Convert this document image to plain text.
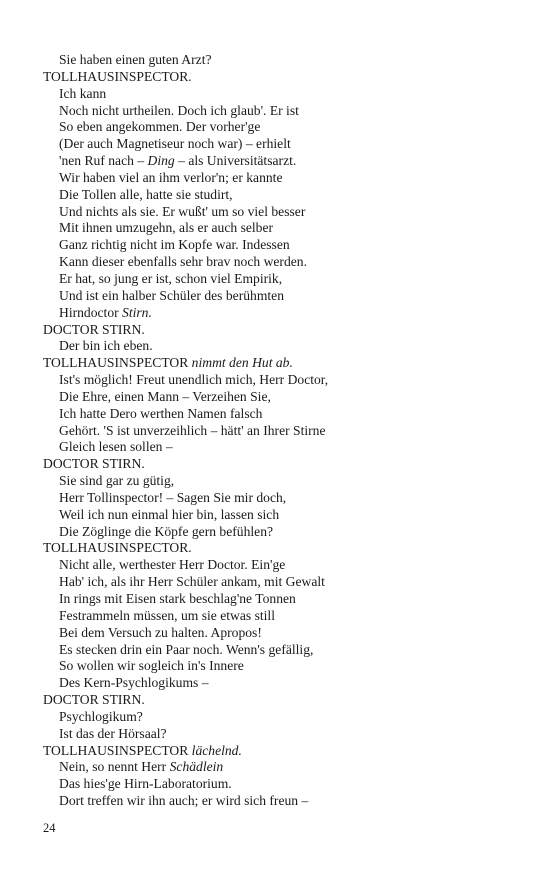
Sie haben einen guten Arzt?
TOLLHAUSINSPECTOR.
Ich kann
Noch nicht urtheilen. Doch ich glaub'. Er ist
So eben angekommen. Der vorher'ge
(Der auch Magnetiseur noch war) – erhielt
'nen Ruf nach – Ding – als Universitätsarzt.
Wir haben viel an ihm verlor'n; er kannte
Die Tollen alle, hatte sie studirt,
Und nichts als sie. Er wußt' um so viel besser
Mit ihnen umzugehn, als er auch selber
Ganz richtig nicht im Kopfe war. Indessen
Kann dieser ebenfalls sehr brav noch werden.
Er hat, so jung er ist, schon viel Empirik,
Und ist ein halber Schüler des berühmten
Hirndoctor Stirn.
DOCTOR STIRN.
Der bin ich eben.
TOLLHAUSINSPECTOR nimmt den Hut ab.
Ist's möglich! Freut unendlich mich, Herr Doctor,
Die Ehre, einen Mann – Verzeihen Sie,
Ich hatte Dero werthen Namen falsch
Gehört. 'S ist unverzeihlich – hätt' an Ihrer Stirne
Gleich lesen sollen –
DOCTOR STIRN.
Sie sind gar zu gütig,
Herr Tollinspector! – Sagen Sie mir doch,
Weil ich nun einmal hier bin, lassen sich
Die Zöglinge die Köpfe gern befühlen?
TOLLHAUSINSPECTOR.
Nicht alle, werthester Herr Doctor. Ein'ge
Hab' ich, als ihr Herr Schüler ankam, mit Gewalt
In rings mit Eisen stark beschlag'ne Tonnen
Festrammeln müssen, um sie etwas still
Bei dem Versuch zu halten. Apropos!
Es stecken drin ein Paar noch. Wenn's gefällig,
So wollen wir sogleich in's Innere
Des Kern-Psychlogikums –
DOCTOR STIRN.
Psychlogikum?
Ist das der Hörsaal?
TOLLHAUSINSPECTOR lächelnd.
Nein, so nennt Herr Schädlein
Das hies'ge Hirn-Laboratorium.
Dort treffen wir ihn auch; er wird sich freun –
24
